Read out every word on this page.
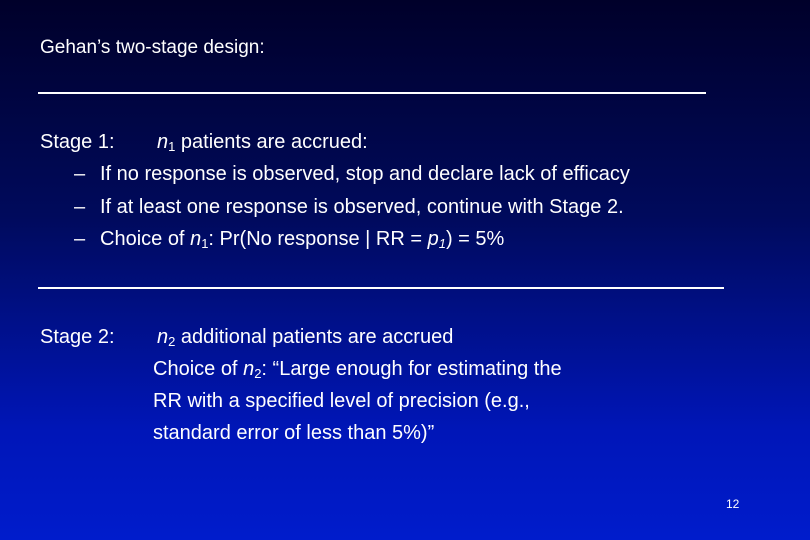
Gehan’s two-stage design:
Stage 1: $n_1$ patients are accrued:
– If no response is observed, stop and declare lack of efficacy
– If at least one response is observed, continue with Stage 2.
– Choice of $n_1$: Pr(No response | RR = $p_1) = 5\%$
Stage 2: $n_2$ additional patients are accrued
Choice of $n_2$: “Large enough for estimating the
RR with a specified level of precision (e.g.,
standard error of less than 5%)”
12
